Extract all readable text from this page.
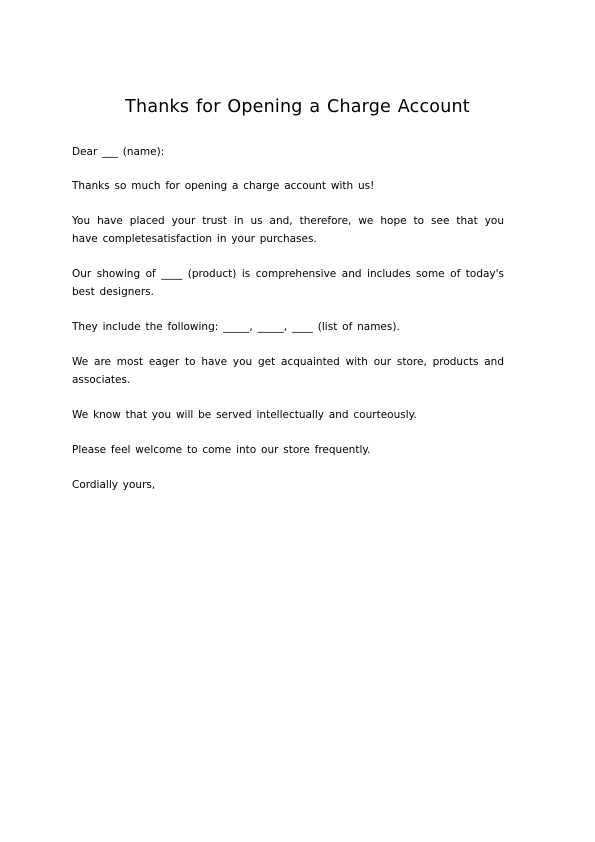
Thanks for Opening a Charge Account

Dear ___ (name):

Thanks so much for opening a charge account with us!

You have placed your trust in us and, therefore, we hope to see that you have completesatisfaction in your purchases.

Our showing of ____ (product) is comprehensive and includes some of today's best designers.

They include the following: _____, _____, ____ (list of names).

We are most eager to have you get acquainted with our store, products and associates.

We know that you will be served intellectually and courteously.

Please feel welcome to come into our store frequently.

Cordially yours,
